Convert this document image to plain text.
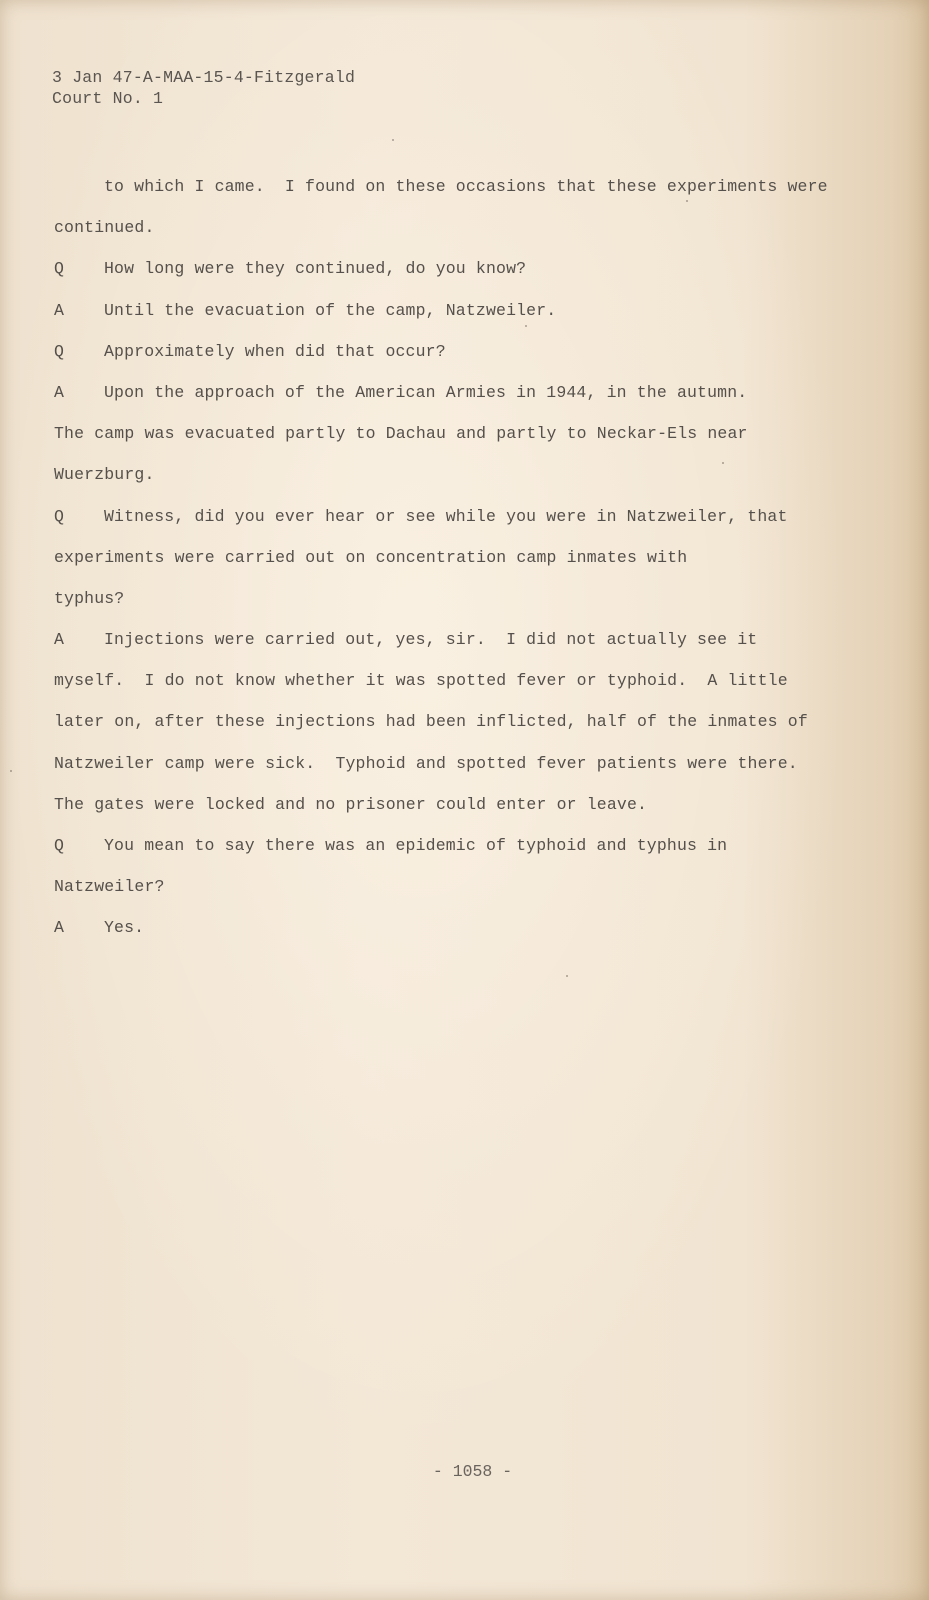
3 Jan 47-A-MAA-15-4-Fitzgerald
Court No. 1
to which I came.  I found on these occasions that these experiments were
continued.
Q How long were they continued, do you know?
A Until the evacuation of the camp, Natzweiler.
Q Approximately when did that occur?
A Upon the approach of the American Armies in 1944, in the autumn.
The camp was evacuated partly to Dachau and partly to Neckar-Els near
Wuerzburg.
Q Witness, did you ever hear or see while you were in Natzweiler, that
experiments were carried out on concentration camp inmates with
typhus?
A Injections were carried out, yes, sir.  I did not actually see it
myself.  I do not know whether it was spotted fever or typhoid.  A little
later on, after these injections had been inflicted, half of the inmates of
Natzweiler camp were sick.  Typhoid and spotted fever patients were there.
The gates were locked and no prisoner could enter or leave.
Q You mean to say there was an epidemic of typhoid and typhus in
Natzweiler?
A Yes.
- 1058 -
